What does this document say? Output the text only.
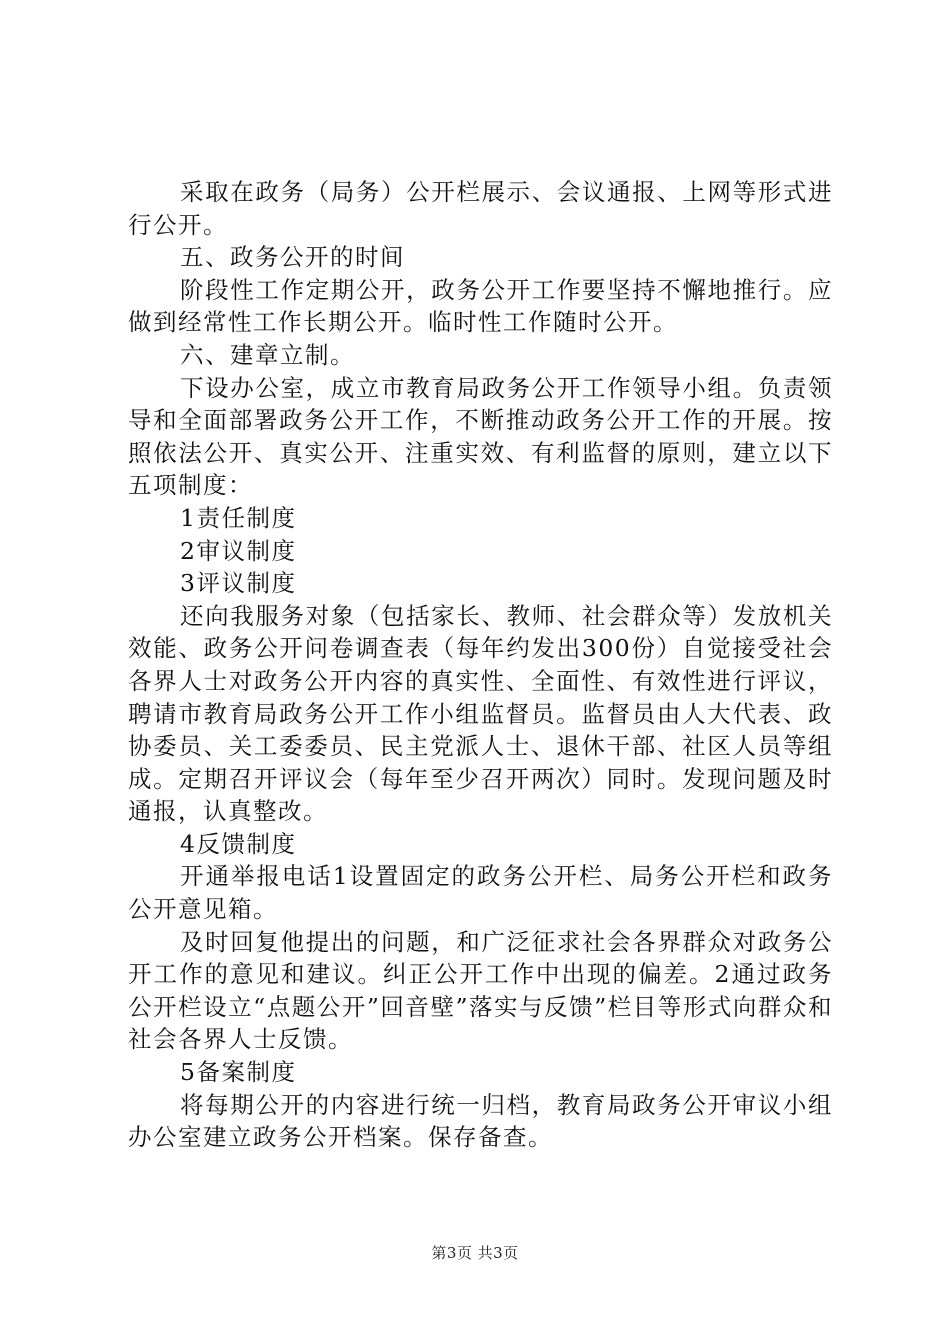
采取在政务（局务）公开栏展示、会议通报、上网等形式进行公开。

五、政务公开的时间

阶段性工作定期公开，政务公开工作要坚持不懈地推行。应做到经常性工作长期公开。临时性工作随时公开。

六、建章立制。

下设办公室，成立市教育局政务公开工作领导小组。负责领导和全面部署政务公开工作，不断推动政务公开工作的开展。按照依法公开、真实公开、注重实效、有利监督的原则，建立以下五项制度：

1责任制度

2审议制度

3评议制度

还向我服务对象（包括家长、教师、社会群众等）发放机关效能、政务公开问卷调查表（每年约发出300份）自觉接受社会各界人士对政务公开内容的真实性、全面性、有效性进行评议，聘请市教育局政务公开工作小组监督员。监督员由人大代表、政协委员、关工委委员、民主党派人士、退休干部、社区人员等组成。定期召开评议会（每年至少召开两次）同时。发现问题及时通报，认真整改。

4反馈制度

开通举报电话1设置固定的政务公开栏、局务公开栏和政务公开意见箱。

及时回复他提出的问题，和广泛征求社会各界群众对政务公开工作的意见和建议。纠正公开工作中出现的偏差。2通过政务公开栏设立“点题公开”回音壁”落实与反馈”栏目等形式向群众和社会各界人士反馈。

5备案制度

将每期公开的内容进行统一归档，教育局政务公开审议小组办公室建立政务公开档案。保存备查。

第3页 共3页
